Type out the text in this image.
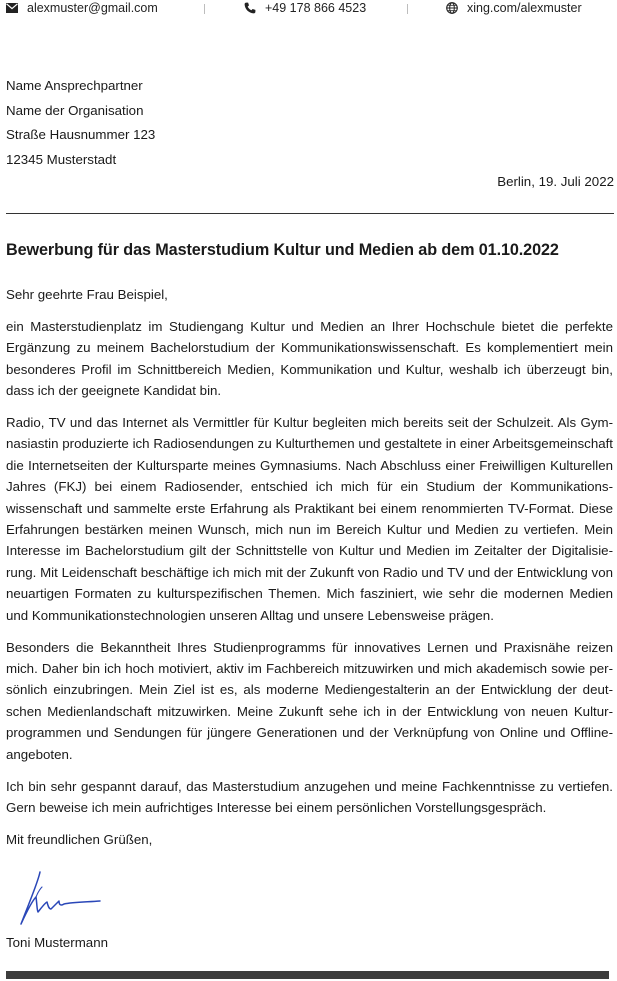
alexmuster@gmail.com	+49 178 866 4523	xing.com/alexmuster
Name Ansprechpartner
Name der Organisation
Straße Hausnummer 123
12345 Musterstadt
Berlin, 19. Juli 2022
Bewerbung für das Masterstudium Kultur und Medien ab dem 01.10.2022

Sehr geehrte Frau Beispiel,

ein Masterstudienplatz im Studiengang Kultur und Medien an Ihrer Hochschule bietet die perfekte Ergänzung zu meinem Bachelorstudium der Kommunikationswissenschaft. Es komplementiert mein besonderes Profil im Schnittbereich Medien, Kommunikation und Kultur, weshalb ich überzeugt bin, dass ich der geeignete Kandidat bin.

Radio, TV und das Internet als Vermittler für Kultur begleiten mich bereits seit der Schulzeit. Als Gymnasiastin produzierte ich Radiosendungen zu Kulturthemen und gestaltete in einer Arbeitsgemeinschaft die Internetseiten der Kultursparte meines Gymnasiums. Nach Abschluss einer Freiwilligen Kulturellen Jahres (FKJ) bei einem Radiosender, entschied ich mich für ein Studium der Kommunikationswissenschaft und sammelte erste Erfahrung als Praktikant bei einem renommierten TV-Format. Diese Erfahrungen bestärken meinen Wunsch, mich nun im Bereich Kultur und Medien zu vertiefen. Mein Interesse im Bachelorstudium gilt der Schnittstelle von Kultur und Medien im Zeitalter der Digitalisierung. Mit Leidenschaft beschäftige ich mich mit der Zukunft von Radio und TV und der Entwicklung von neuartigen Formaten zu kulturspezifischen Themen. Mich fasziniert, wie sehr die modernen Medien und Kommunikationstechnologien unseren Alltag und unsere Lebensweise prägen.

Besonders die Bekanntheit Ihres Studienprogramms für innovatives Lernen und Praxisnähe reizen mich. Daher bin ich hoch motiviert, aktiv im Fachbereich mitzuwirken und mich akademisch sowie persönlich einzubringen. Mein Ziel ist es, als moderne Mediengestalterin an der Entwicklung der deutschen Medienlandschaft mitzuwirken. Meine Zukunft sehe ich in der Entwicklung von neuen Kulturprogrammen und Sendungen für jüngere Generationen und der Verknüpfung von Online und Offlineangeboten.

Ich bin sehr gespannt darauf, das Masterstudium anzugehen und meine Fachkenntnisse zu vertiefen. Gern beweise ich mein aufrichtiges Interesse bei einem persönlichen Vorstellungsgespräch.

Mit freundlichen Grüßen,

Toni Mustermann
